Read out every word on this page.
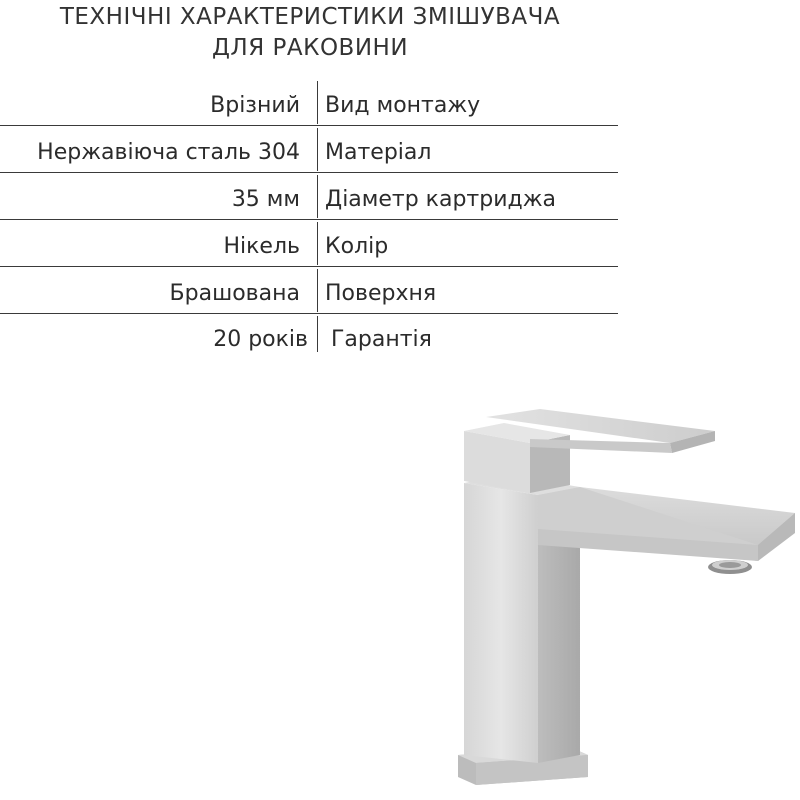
ТЕХНІЧНІ ХАРАКТЕРИСТИКИ ЗМІШУВАЧА
ДЛЯ РАКОВИНИ
Врізний Вид монтажу
Нержавіюча сталь 304 Матеріал
35 мм Діаметр картриджа
Нікель Колір
Брашована Поверхня
20 років Гарантія
